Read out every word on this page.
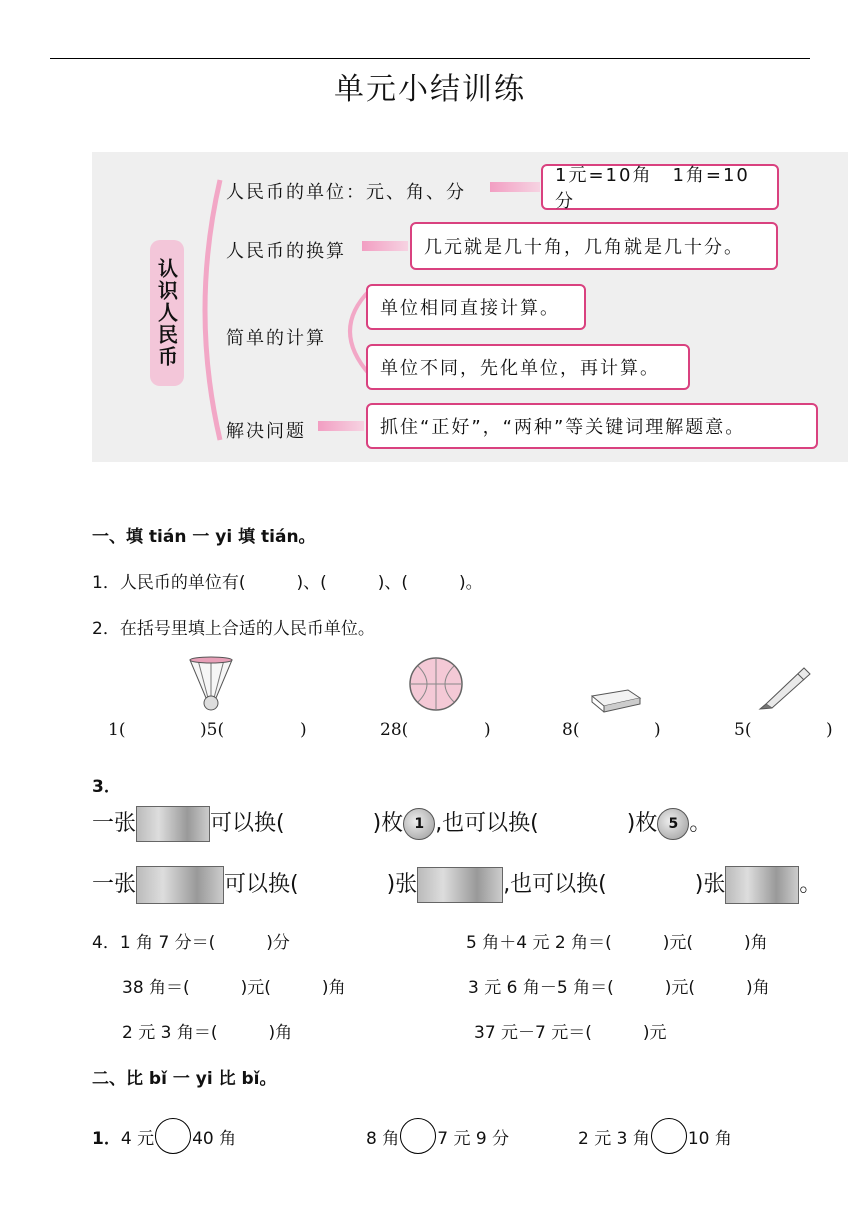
单元小结训练
认识人民币
人民币的单位：元、角、分
1元=10角　1角=10分
人民币的换算	几元就是几十角，几角就是几十分。
简单的计算
单位相同直接计算。
单位不同，先化单位，再计算。
解决问题	抓住“正好”，“两种”等关键词理解题意。
一、填 tián 一 yi 填 tián。
1．人民币的单位有(　　　)、(　　　)、(　　　)。
2．在括号里填上合适的人民币单位。
1(	)5(	)	28(	)	8(	)	5(	)
3．
一张	可以换(　　　　)枚 1 ,也可以换(　　　　)枚 5 。
一张	可以换(　　　　)张	,也可以换(　　　　)张	。
4．1 角 7 分＝(　　　)分	5 角＋4 元 2 角＝(　　　)元(　　　)角
38 角＝(　　　)元(　　　)角	3 元 6 角－5 角＝(　　　)元(　　　)角
2 元 3 角＝(　　　)角	37 元－7 元＝(　　　)元
二、比 bǐ 一 yi 比 bǐ。
1．4 元 40 角	8 角 7 元 9 分	2 元 3 角 10 角
